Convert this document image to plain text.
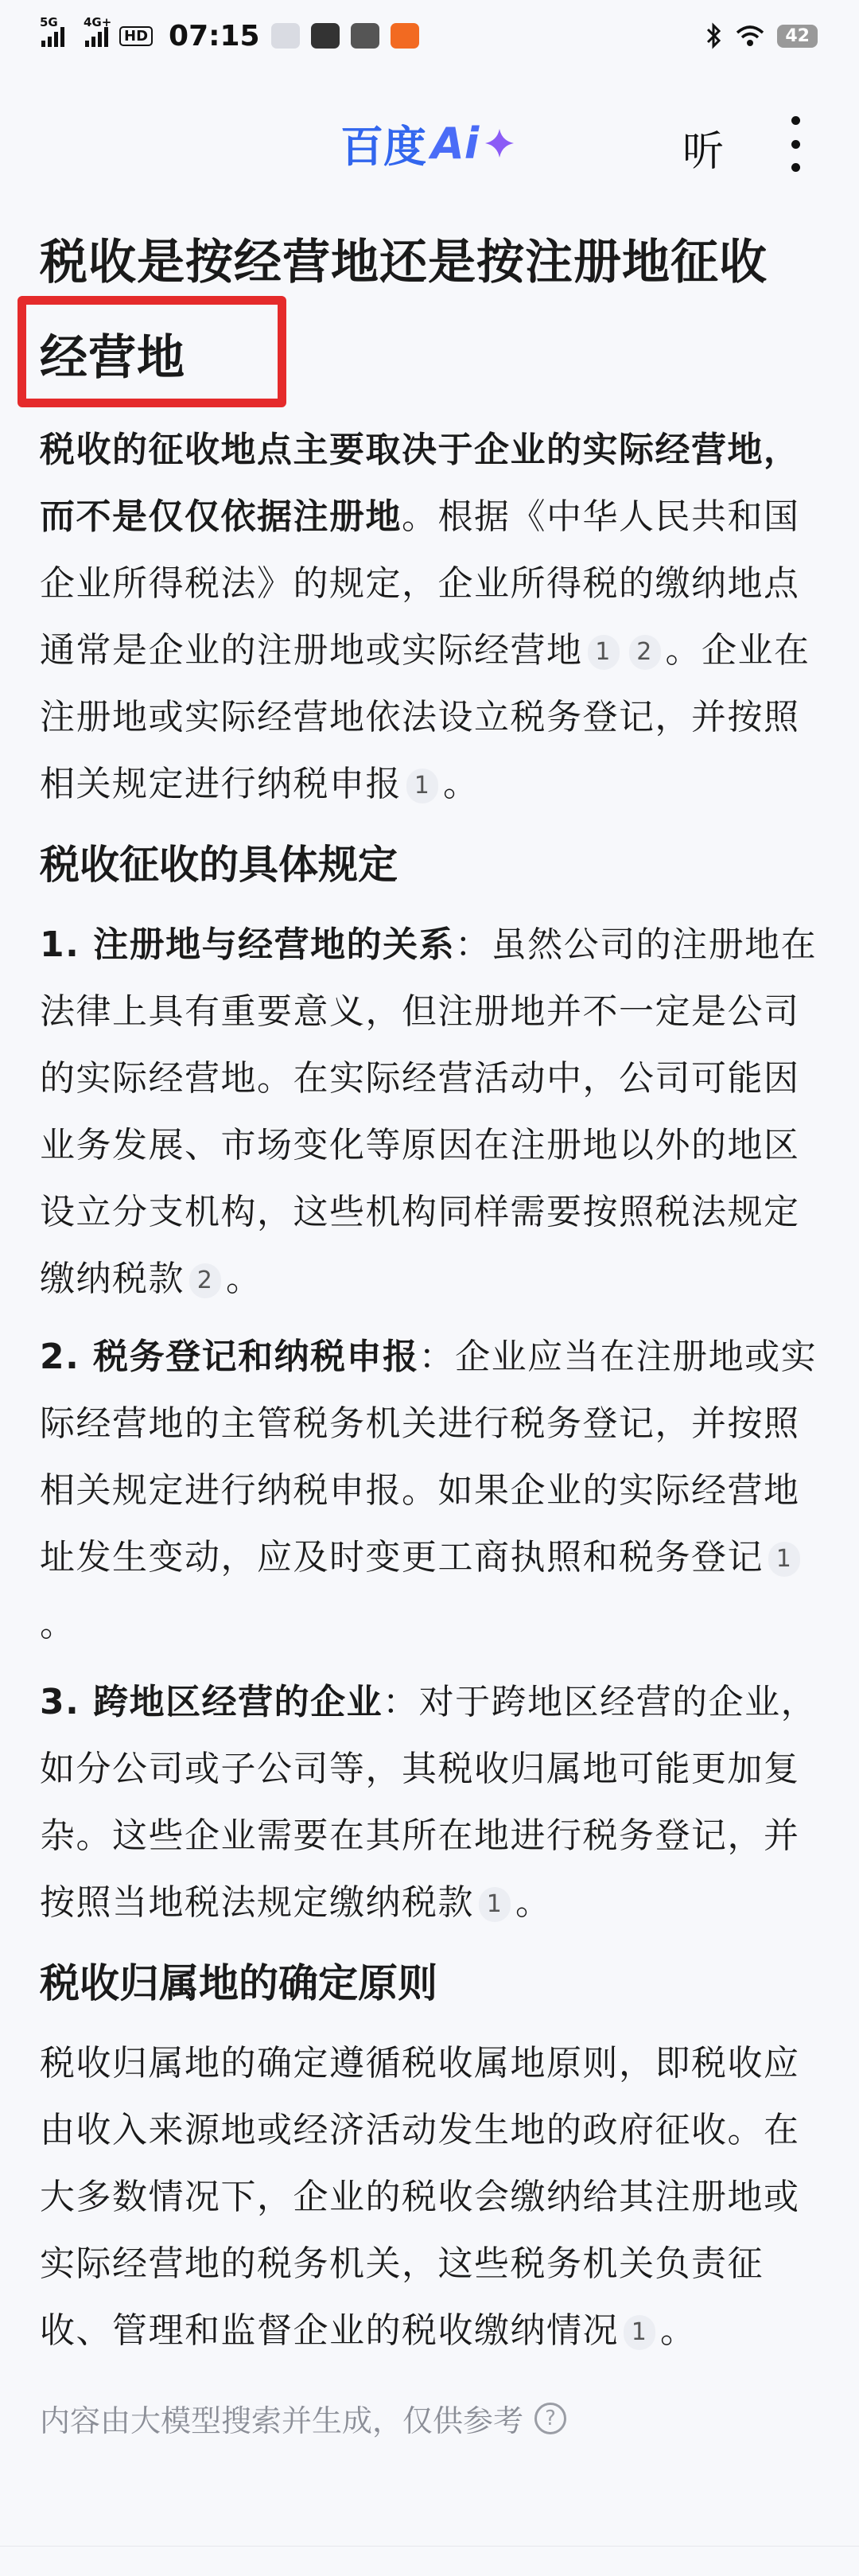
5G 4G+
HD 07:15	42
百度 Ai	听
税收是按经营地还是按注册地征收
经营地

税收的征收地点主要取决于企业的实际经营地，而不是仅仅依据注册地。根据《中华人民共和国企业所得税法》的规定，企业所得税的缴纳地点通常是企业的注册地或实际经营地 1 2 。企业在注册地或实际经营地依法设立税务登记，并按照相关规定进行纳税申报 1 。

税收征收的具体规定

1. 注册地与经营地的关系：虽然公司的注册地在法律上具有重要意义，但注册地并不一定是公司的实际经营地。在实际经营活动中，公司可能因业务发展、市场变化等原因在注册地以外的地区设立分支机构，这些机构同样需要按照税法规定缴纳税款 2 。

2. 税务登记和纳税申报：企业应当在注册地或实际经营地的主管税务机关进行税务登记，并按照相关规定进行纳税申报。如果企业的实际经营地址发生变动，应及时变更工商执照和税务登记 1。

3. 跨地区经营的企业：对于跨地区经营的企业，如分公司或子公司等，其税收归属地可能更加复杂。这些企业需要在其所在地进行税务登记，并按照当地税法规定缴纳税款 1 。

税收归属地的确定原则

税收归属地的确定遵循税收属地原则，即税收应由收入来源地或经济活动发生地的政府征收。在大多数情况下，企业的税收会缴纳给其注册地或实际经营地的税务机关，这些税务机关负责征收、管理和监督企业的税收缴纳情况 1 。

内容由大模型搜索并生成，仅供参考	?
